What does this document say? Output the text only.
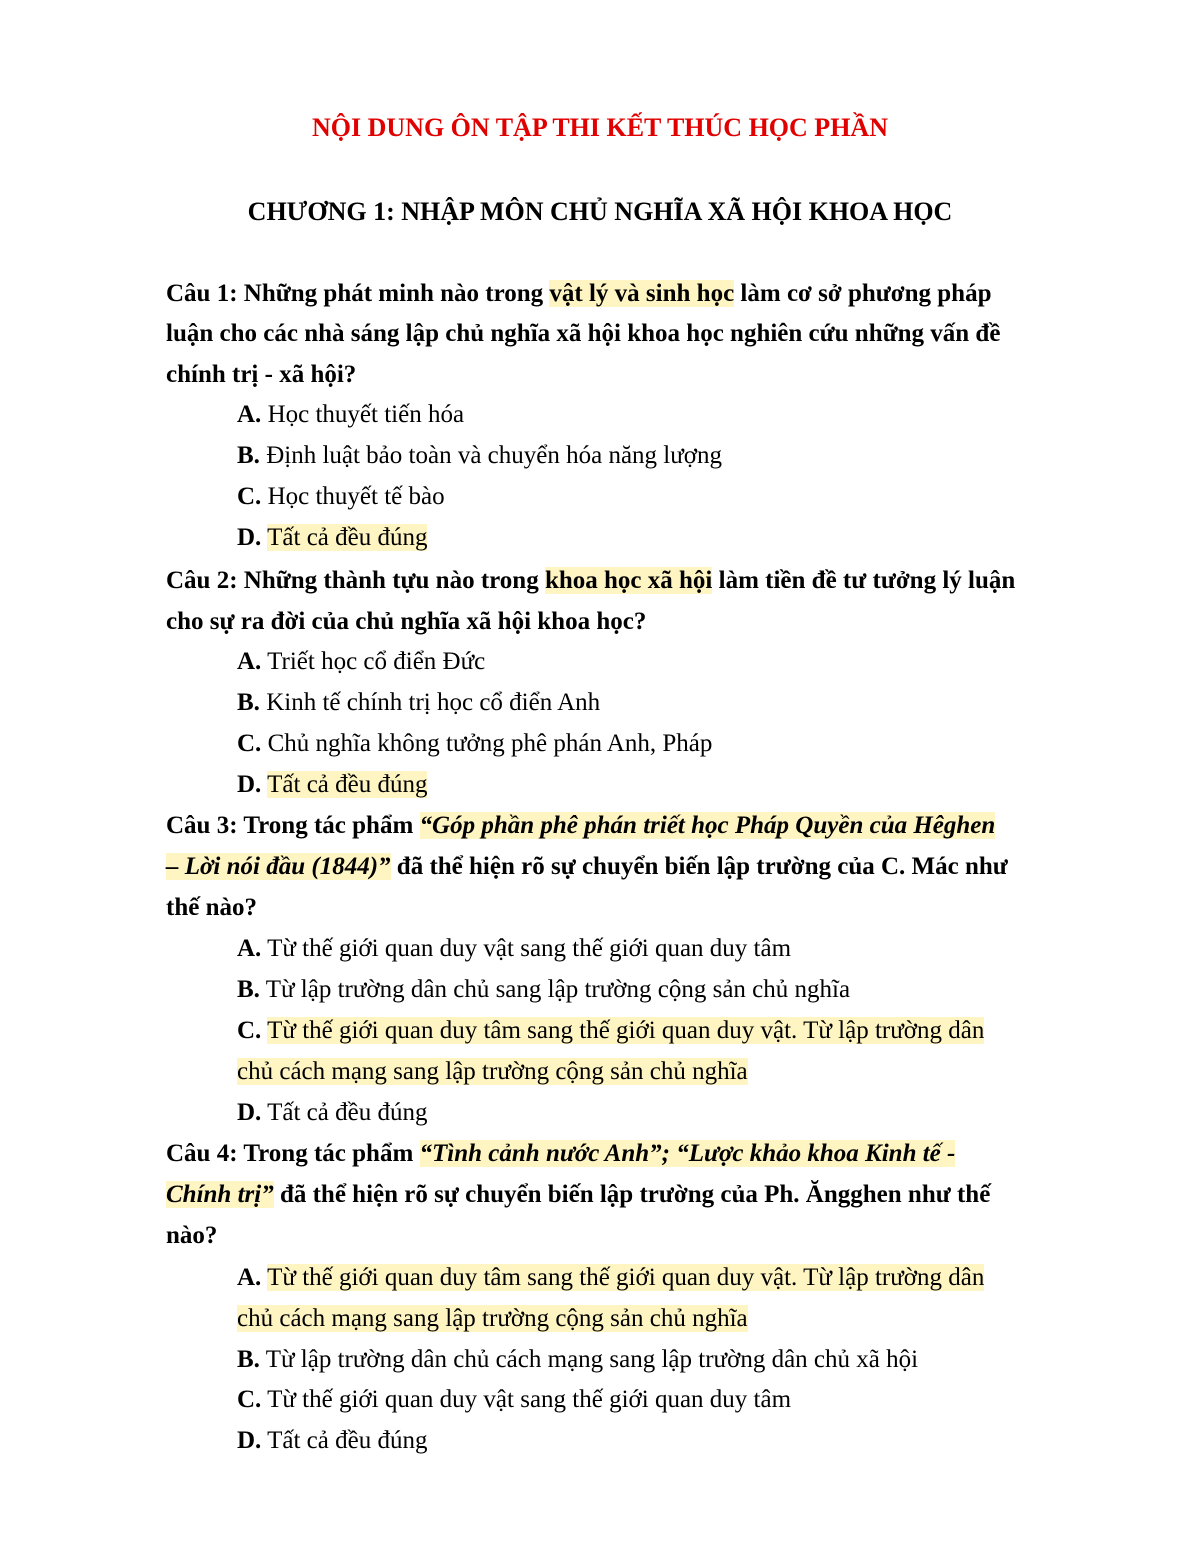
NỘI DUNG ÔN TẬP THI KẾT THÚC HỌC PHẦN
CHƯƠNG 1: NHẬP MÔN CHỦ NGHĨA XÃ HỘI KHOA HỌC
Câu 1: Những phát minh nào trong vật lý và sinh học làm cơ sở phương pháp
luận cho các nhà sáng lập chủ nghĩa xã hội khoa học nghiên cứu những vấn đề
chính trị - xã hội?
A. Học thuyết tiến hóa
B. Định luật bảo toàn và chuyển hóa năng lượng
C. Học thuyết tế bào
D. Tất cả đều đúng
Câu 2: Những thành tựu nào trong khoa học xã hội làm tiền đề tư tưởng lý luận
cho sự ra đời của chủ nghĩa xã hội khoa học?
A. Triết học cổ điển Đức
B. Kinh tế chính trị học cổ điển Anh
C. Chủ nghĩa không tưởng phê phán Anh, Pháp
D. Tất cả đều đúng
Câu 3: Trong tác phẩm “Góp phần phê phán triết học Pháp Quyền của Hêghen
– Lời nói đầu (1844)” đã thể hiện rõ sự chuyển biến lập trường của C. Mác như
thế nào?
A. Từ thế giới quan duy vật sang thế giới quan duy tâm
B. Từ lập trường dân chủ sang lập trường cộng sản chủ nghĩa
C. Từ thế giới quan duy tâm sang thế giới quan duy vật. Từ lập trường dân
chủ cách mạng sang lập trường cộng sản chủ nghĩa
D. Tất cả đều đúng
Câu 4: Trong tác phẩm “Tình cảnh nước Anh”; “Lược khảo khoa Kinh tế -
Chính trị” đã thể hiện rõ sự chuyển biến lập trường của Ph. Ăngghen như thế
nào?
A. Từ thế giới quan duy tâm sang thế giới quan duy vật. Từ lập trường dân
chủ cách mạng sang lập trường cộng sản chủ nghĩa
B. Từ lập trường dân chủ cách mạng sang lập trường dân chủ xã hội
C. Từ thế giới quan duy vật sang thế giới quan duy tâm
D. Tất cả đều đúng
